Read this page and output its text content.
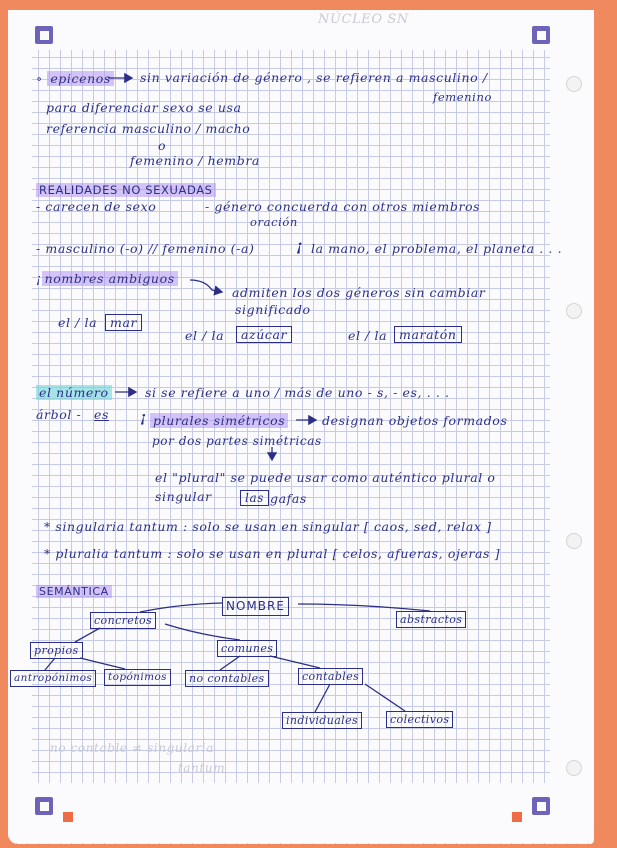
NÚCLEO SN
∘ epicenos sin variación de género , se refieren a masculino /
femenino
para diferenciar sexo se usa
referencia masculino / macho
o
femenino / hembra
REALIDADES NO SEXUADAS
- carecen de sexo	- género concuerda con otros miembros
oración
- masculino (-o) // femenino (-a)	¡ la mano, el problema, el planeta . . .
¡ nombres ambiguos
admiten los dos géneros sin cambiar
significado
el / la	mar
el / la	azúcar	el / la maratón
el número	si se refiere a uno / más de uno - s, - es, . . .
árbol - es ¡ plurales simétricos	designan objetos formados
por dos partes simétricas
el "plural" se puede usar como auténtico plural o
singular	las gafas
* singularia tantum : solo se usan en singular [ caos, sed, relax ]
* pluralia tantum : solo se usan en plural [ celos, afueras, ojeras ]
SEMÁNTICA
NOMBRE
concretos	abstractos
propios	comunes
antropónimos	topónimos	no contables	contables
individuales	colectivos
no contable ≠ singularia
tantum
